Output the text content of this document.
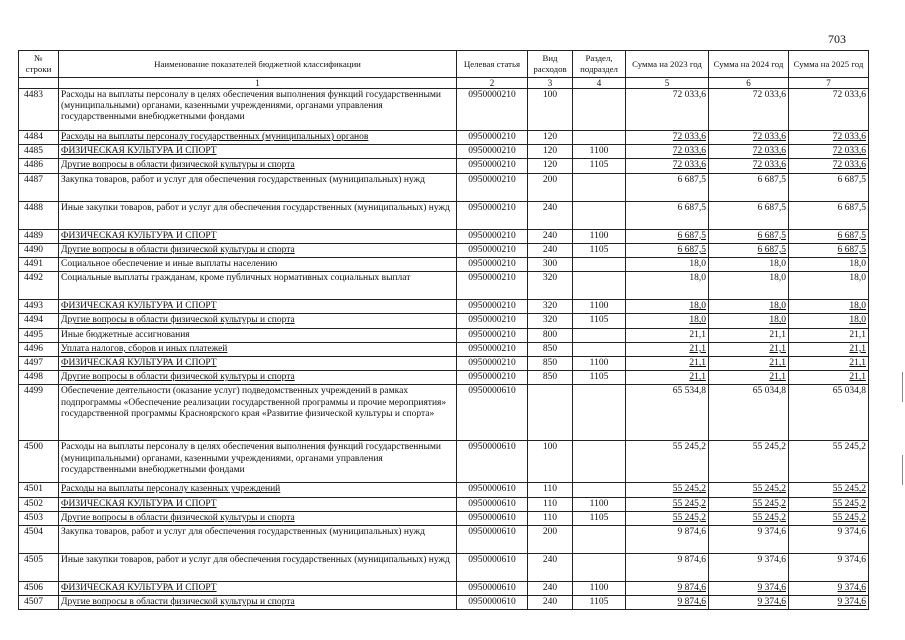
703
№ строки	Наименование показателей бюджетной классификации	Целевая статья	Вид расходов	Раздел, подраздел	Сумма на 2023 год	Сумма на 2024 год	Сумма на 2025 год
	1	2	3	4	5	6	7
4483	Расходы на выплаты персоналу в целях обеспечения выполнения функций государственными (муниципальными) органами, казенными учреждениями, органами управления государственными внебюджетными фондами	0950000210	100		72 033,6	72 033,6	72 033,6
4484	Расходы на выплаты персоналу государственных (муниципальных) органов	0950000210	120		72 033,6	72 033,6	72 033,6
4485	ФИЗИЧЕСКАЯ КУЛЬТУРА И СПОРТ	0950000210	120	1100	72 033,6	72 033,6	72 033,6
4486	Другие вопросы в области физической культуры и спорта	0950000210	120	1105	72 033,6	72 033,6	72 033,6
4487	Закупка товаров, работ и услуг для обеспечения государственных (муниципальных) нужд	0950000210	200		6 687,5	6 687,5	6 687,5
4488	Иные закупки товаров, работ и услуг для обеспечения государственных (муниципальных) нужд	0950000210	240		6 687,5	6 687,5	6 687,5
4489	ФИЗИЧЕСКАЯ КУЛЬТУРА И СПОРТ	0950000210	240	1100	6 687,5	6 687,5	6 687,5
4490	Другие вопросы в области физической культуры и спорта	0950000210	240	1105	6 687,5	6 687,5	6 687,5
4491	Социальное обеспечение и иные выплаты населению	0950000210	300		18,0	18,0	18,0
4492	Социальные выплаты гражданам, кроме публичных нормативных социальных выплат	0950000210	320		18,0	18,0	18,0
4493	ФИЗИЧЕСКАЯ КУЛЬТУРА И СПОРТ	0950000210	320	1100	18,0	18,0	18,0
4494	Другие вопросы в области физической культуры и спорта	0950000210	320	1105	18,0	18,0	18,0
4495	Иные бюджетные ассигнования	0950000210	800		21,1	21,1	21,1
4496	Уплата налогов, сборов и иных платежей	0950000210	850		21,1	21,1	21,1
4497	ФИЗИЧЕСКАЯ КУЛЬТУРА И СПОРТ	0950000210	850	1100	21,1	21,1	21,1
4498	Другие вопросы в области физической культуры и спорта	0950000210	850	1105	21,1	21,1	21,1
4499	Обеспечение деятельности (оказание услуг) подведомственных учреждений в рамках подпрограммы «Обеспечение реализации государственной программы и прочие мероприятия» государственной программы Красноярского края «Развитие физической культуры и спорта»	0950000610			65 534,8	65 034,8	65 034,8
4500	Расходы на выплаты персоналу в целях обеспечения выполнения функций государственными (муниципальными) органами, казенными учреждениями, органами управления государственными внебюджетными фондами	0950000610	100		55 245,2	55 245,2	55 245,2
4501	Расходы на выплаты персоналу казенных учреждений	0950000610	110		55 245,2	55 245,2	55 245,2
4502	ФИЗИЧЕСКАЯ КУЛЬТУРА И СПОРТ	0950000610	110	1100	55 245,2	55 245,2	55 245,2
4503	Другие вопросы в области физической культуры и спорта	0950000610	110	1105	55 245,2	55 245,2	55 245,2
4504	Закупка товаров, работ и услуг для обеспечения государственных (муниципальных) нужд	0950000610	200		9 874,6	9 374,6	9 374,6
4505	Иные закупки товаров, работ и услуг для обеспечения государственных (муниципальных) нужд	0950000610	240		9 874,6	9 374,6	9 374,6
4506	ФИЗИЧЕСКАЯ КУЛЬТУРА И СПОРТ	0950000610	240	1100	9 874,6	9 374,6	9 374,6
4507	Другие вопросы в области физической культуры и спорта	0950000610	240	1105	9 874,6	9 374,6	9 374,6
